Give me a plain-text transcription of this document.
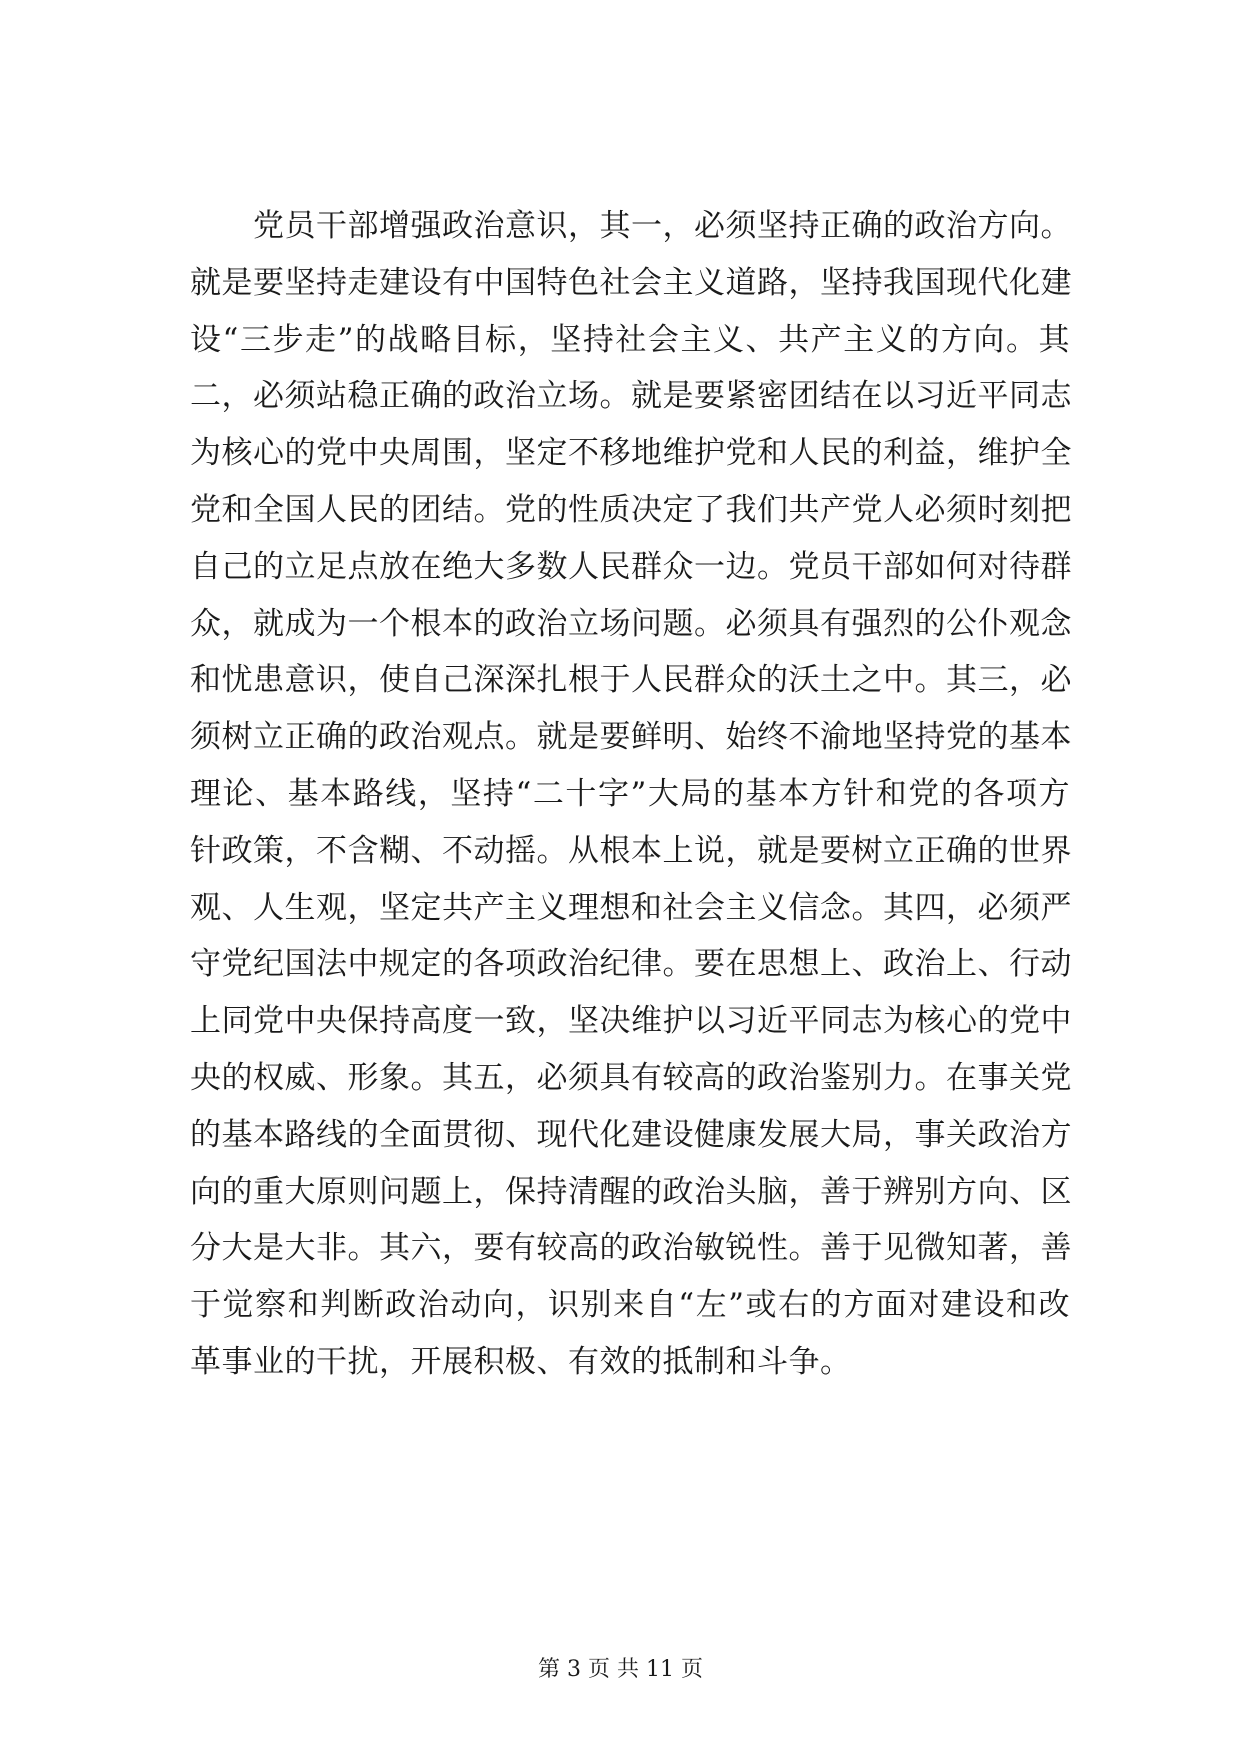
　　党员干部增强政治意识，其一，必须坚持正确的政治方向。
就是要坚持走建设有中国特色社会主义道路，坚持我国现代化建
设“三步走”的战略目标，坚持社会主义、共产主义的方向。其
二，必须站稳正确的政治立场。就是要紧密团结在以习近平同志
为核心的党中央周围，坚定不移地维护党和人民的利益，维护全
党和全国人民的团结。党的性质决定了我们共产党人必须时刻把
自己的立足点放在绝大多数人民群众一边。党员干部如何对待群
众，就成为一个根本的政治立场问题。必须具有强烈的公仆观念
和忧患意识，使自己深深扎根于人民群众的沃土之中。其三，必
须树立正确的政治观点。就是要鲜明、始终不渝地坚持党的基本
理论、基本路线，坚持“二十字”大局的基本方针和党的各项方
针政策，不含糊、不动摇。从根本上说，就是要树立正确的世界
观、人生观，坚定共产主义理想和社会主义信念。其四，必须严
守党纪国法中规定的各项政治纪律。要在思想上、政治上、行动
上同党中央保持高度一致，坚决维护以习近平同志为核心的党中
央的权威、形象。其五，必须具有较高的政治鉴别力。在事关党
的基本路线的全面贯彻、现代化建设健康发展大局，事关政治方
向的重大原则问题上，保持清醒的政治头脑，善于辨别方向、区
分大是大非。其六，要有较高的政治敏锐性。善于见微知著，善
于觉察和判断政治动向，识别来自“左”或右的方面对建设和改
革事业的干扰，开展积极、有效的抵制和斗争。
第 3 页 共 11 页
